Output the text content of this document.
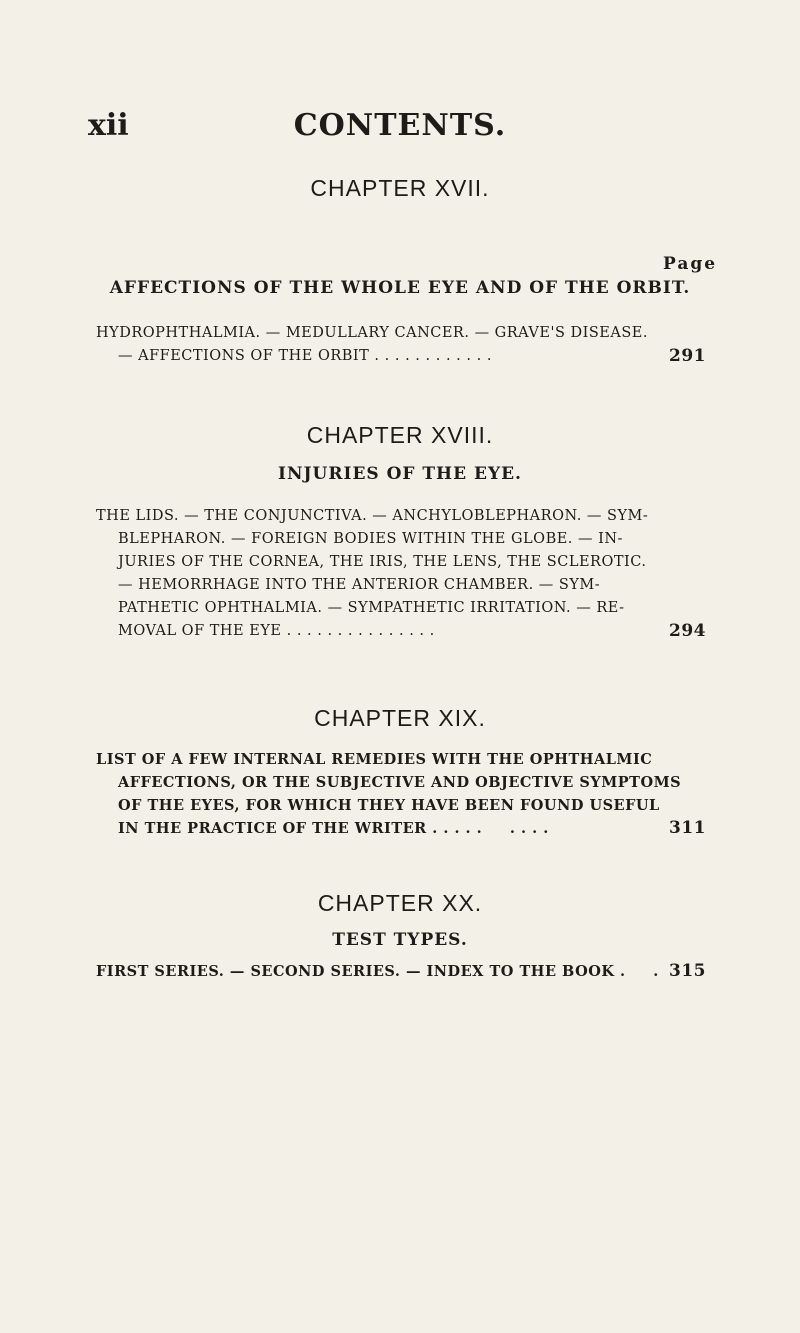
xii	CONTENTS.
CHAPTER XVII.
Page
AFFECTIONS OF THE WHOLE EYE AND OF THE ORBIT.
HYDROPHTHALMIA. — MEDULLARY CANCER. — GRAVE'S DISEASE.
— AFFECTIONS OF THE ORBIT . . . . . . . . . . . .	291
CHAPTER XVIII.
INJURIES OF THE EYE.
THE LIDS. — THE CONJUNCTIVA. — ANCHYLOBLEPHARON. — SYM-
BLEPHARON. — FOREIGN BODIES WITHIN THE GLOBE. — IN-
JURIES OF THE CORNEA, THE IRIS, THE LENS, THE SCLEROTIC.
— HEMORRHAGE INTO THE ANTERIOR CHAMBER. — SYM-
PATHETIC OPHTHALMIA. — SYMPATHETIC IRRITATION. — RE-
MOVAL OF THE EYE . . . . . . . . . . . . . . .	294
CHAPTER XIX.
LIST OF A FEW INTERNAL REMEDIES WITH THE OPHTHALMIC
AFFECTIONS, OR THE SUBJECTIVE AND OBJECTIVE SYMPTOMS
OF THE EYES, FOR WHICH THEY HAVE BEEN FOUND USEFUL
IN THE PRACTICE OF THE WRITER . . . . .     . . . .	311
CHAPTER XX.
TEST TYPES.
FIRST SERIES. — SECOND SERIES. — INDEX TO THE BOOK .     . 315
